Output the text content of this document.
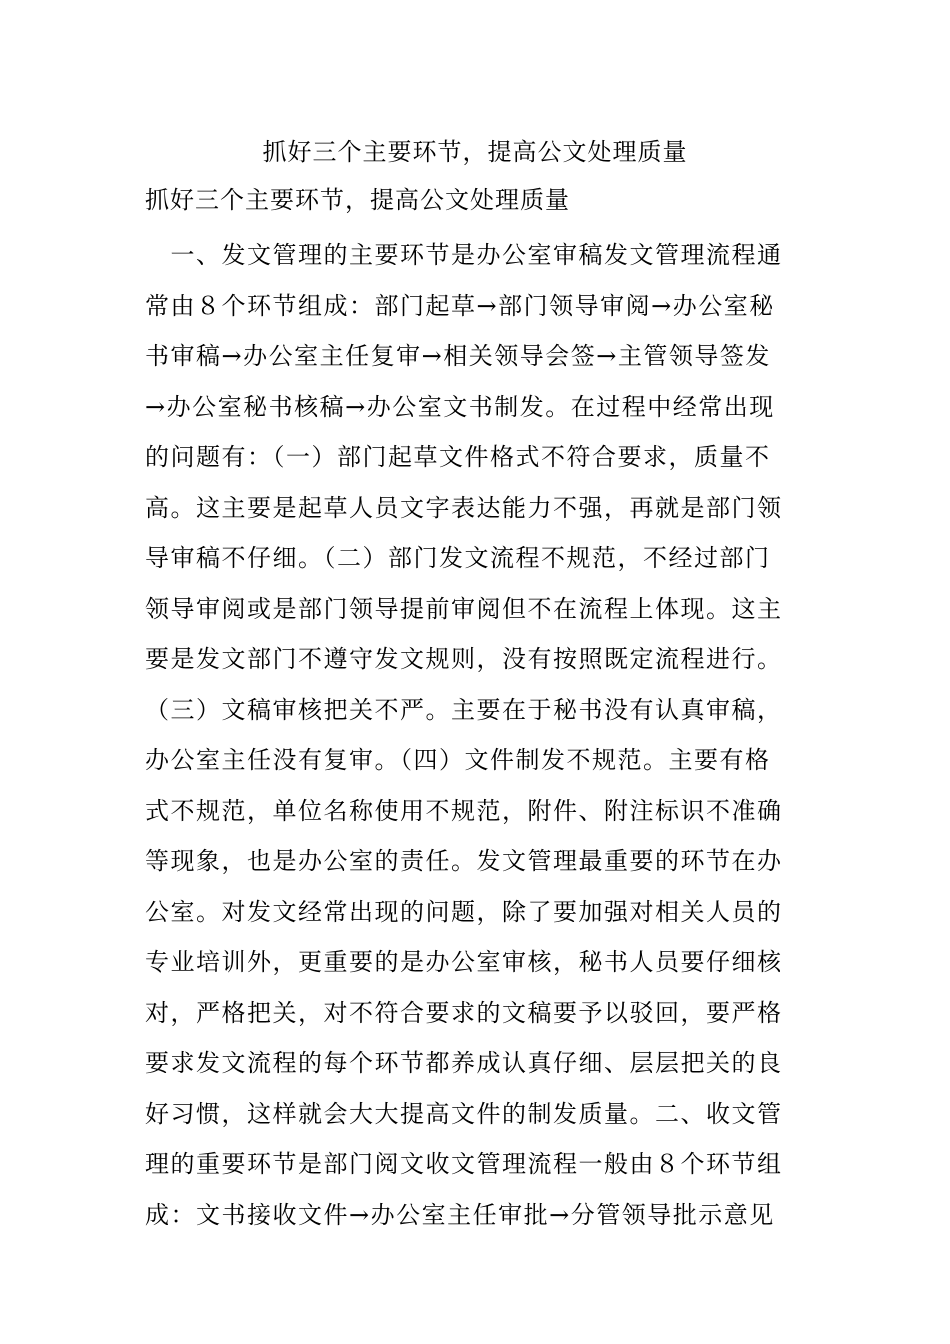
抓好三个主要环节，提高公文处理质量
抓好三个主要环节，提高公文处理质量
　一、发文管理的主要环节是办公室审稿发文管理流程通
常由８个环节组成：部门起草→部门领导审阅→办公室秘
书审稿→办公室主任复审→相关领导会签→主管领导签发
→办公室秘书核稿→办公室文书制发。在过程中经常出现
的问题有：（一）部门起草文件格式不符合要求，质量不
高。这主要是起草人员文字表达能力不强，再就是部门领
导审稿不仔细。（二）部门发文流程不规范，不经过部门
领导审阅或是部门领导提前审阅但不在流程上体现。这主
要是发文部门不遵守发文规则，没有按照既定流程进行。
（三）文稿审核把关不严。主要在于秘书没有认真审稿，
办公室主任没有复审。（四）文件制发不规范。主要有格
式不规范，单位名称使用不规范，附件、附注标识不准确
等现象，也是办公室的责任。发文管理最重要的环节在办
公室。对发文经常出现的问题，除了要加强对相关人员的
专业培训外，更重要的是办公室审核，秘书人员要仔细核
对，严格把关，对不符合要求的文稿要予以驳回，要严格
要求发文流程的每个环节都养成认真仔细、层层把关的良
好习惯，这样就会大大提高文件的制发质量。二、收文管
理的重要环节是部门阅文收文管理流程一般由８个环节组
成：文书接收文件→办公室主任审批→分管领导批示意见
